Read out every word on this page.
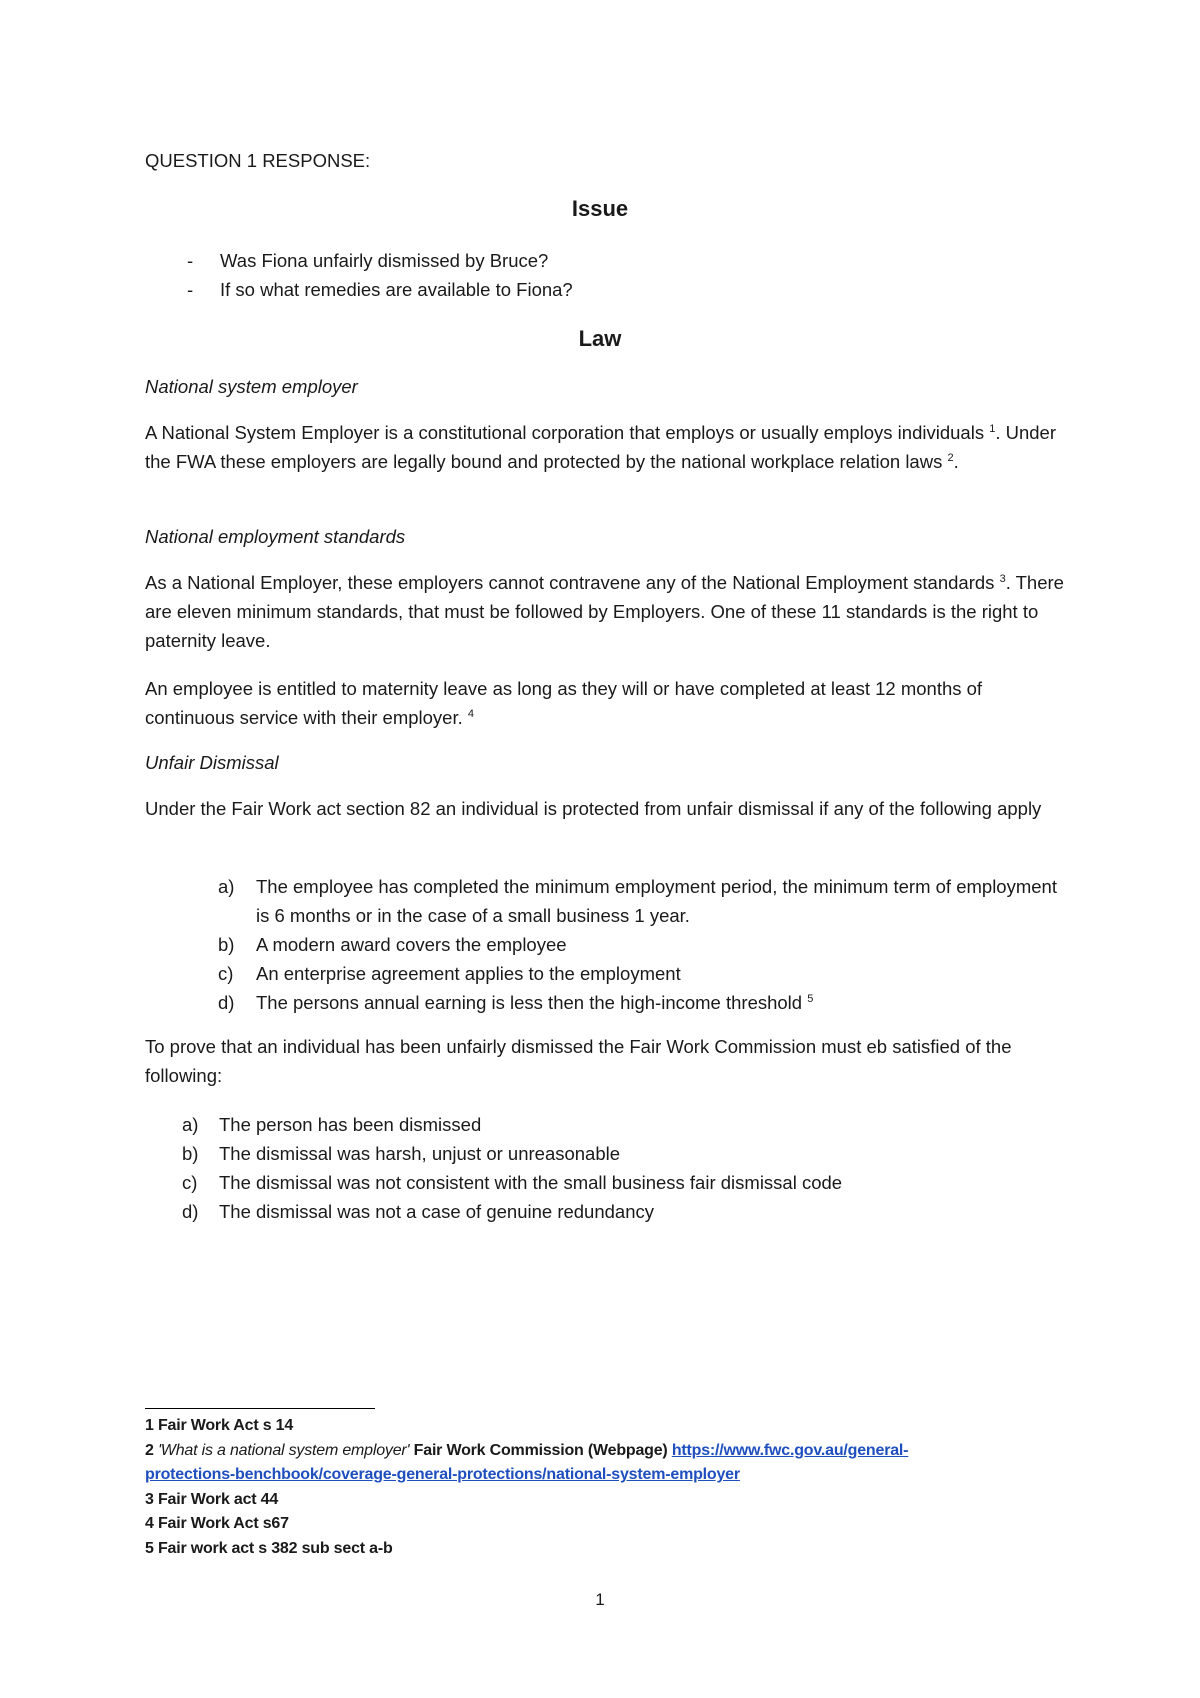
QUESTION 1 RESPONSE:

Issue

- Was Fiona unfairly dismissed by Bruce?
- If so what remedies are available to Fiona?

Law

National system employer

A National System Employer is a constitutional corporation that employs or usually employs individuals $^1$. Under the FWA these employers are legally bound and protected by the national workplace relation laws $^2$.

National employment standards

As a National Employer, these employers cannot contravene any of the National Employment standards $^3$. There are eleven minimum standards, that must be followed by Employers. One of these 11 standards is the right to paternity leave.

An employee is entitled to maternity leave as long as they will or have completed at least 12 months of continuous service with their employer. $^4$

Unfair Dismissal

Under the Fair Work act section 82 an individual is protected from unfair dismissal if any of the following apply

a) The employee has completed the minimum employment period, the minimum term of employment is 6 months or in the case of a small business 1 year.
b) A modern award covers the employee
c) An enterprise agreement applies to the employment
d) The persons annual earning is less then the high-income threshold $^5$

To prove that an individual has been unfairly dismissed the Fair Work Commission must eb satisfied of the following:

a) The person has been dismissed
b) The dismissal was harsh, unjust or unreasonable
c) The dismissal was not consistent with the small business fair dismissal code
d) The dismissal was not a case of genuine redundancy
1 Fair Work Act s 14
2 'What is a national system employer' Fair Work Commission (Webpage) https://www.fwc.gov.au/general-
protections-benchbook/coverage-general-protections/national-system-employer
3 Fair Work act 44
4 Fair Work Act s67
5 Fair work act s 382 sub sect a-b
1
